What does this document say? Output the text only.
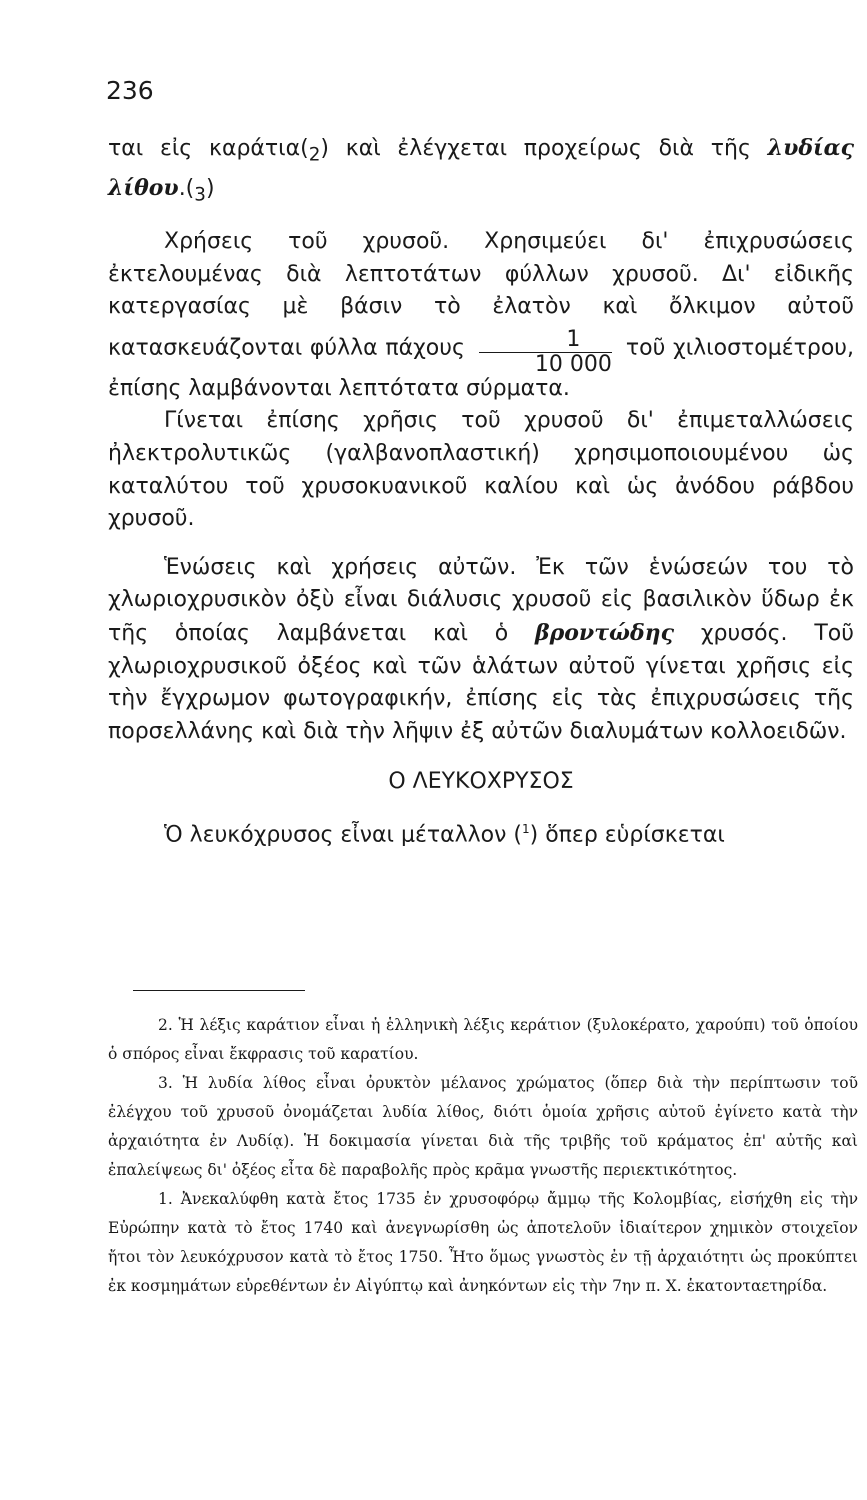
236

ται εἰς $\kappa\alpha\rho ά\tau\iota\alpha(_2)$ καὶ ἐλέγχεται προχείρως διὰ τῆς λυδίας $\lambda ί\theta o\upsilon.(_3)$

Χρήσεις τοῦ χρυσοῦ. Χρησιμεύει δι' ἐπιχρυσώσεις ἐκτελουμένας διὰ λεπτοτάτων φύλλων χρυσοῦ. Δι' εἰδικῆς κατεργασίας μὲ βάσιν τὸ ἐλατὸν καὶ ὄλκιμον αὐτοῦ κατασκευάζονται φύλλα πάχους $\frac{1}{10 000}$ τοῦ χιλιοστομέτρου, ἐπίσης λαμβάνονται λεπτότατα σύρματα.

Γίνεται ἐπίσης χρῆσις τοῦ χρυσοῦ δι' ἐπιμεταλλώσεις ἠλεκτρολυτικῶς (γαλβανοπλαστική) χρησιμοποιουμένου ὡς καταλύτου τοῦ χρυσοκυανικοῦ καλίου καὶ ὡς ἀνόδου ράβδου χρυσοῦ.

Ἑνώσεις καὶ χρήσεις αὐτῶν. Ἐκ τῶν ἑνώσεών του τὸ χλωριοχρυσικὸν ὀξὺ εἶναι διάλυσις χρυσοῦ εἰς βασιλικὸν ὕδωρ ἐκ τῆς ὁποίας λαμβάνεται καὶ ὁ βροντώδης χρυσός. Τοῦ χλωριοχρυσικοῦ ὀξέος καὶ τῶν ἁλάτων αὐτοῦ γίνεται χρῆσις εἰς τὴν ἔγχρωμον φωτογραφικήν, ἐπίσης εἰς τὰς ἐπιχρυσώσεις τῆς πορσελλάνης καὶ διὰ τὴν λῆψιν ἐξ αὐτῶν διαλυμάτων κολλοειδῶν.

Ο ΛΕΥΚΟΧΡΥΣΟΣ

Ὁ λευκόχρυσος εἶναι μέταλλον ($^1$) ὅπερ εὑρίσκεται

2. Ἡ λέξις καράτιον εἶναι ἡ ἑλληνικὴ λέξις κεράτιον (ξυλοκέρατο, χαρούπι) τοῦ ὁποίου ὁ σπόρος εἶναι ἔκφρασις τοῦ καρατίου.

3. Ἡ λυδία λίθος εἶναι ὀρυκτὸν μέλανος χρώματος (ὅπερ διὰ τὴν περίπτωσιν τοῦ ἐλέγχου τοῦ χρυσοῦ ὀνομάζεται λυδία λίθος, διότι ὁμοία χρῆσις αὐτοῦ ἐγίνετο κατὰ τὴν ἀρχαιότητα ἐν Λυδίᾳ). Ἡ δοκιμασία γίνεται διὰ τῆς τριβῆς τοῦ κράματος ἐπ' αὐτῆς καὶ ἐπαλείψεως δι' ὀξέος εἶτα δὲ παραβολῆς πρὸς κρᾶμα γνωστῆς περιεκτικότητος.

1. Ἀνεκαλύφθη κατὰ ἔτος 1735 ἐν χρυσοφόρῳ ἄμμῳ τῆς Κολομβίας, εἰσήχθη εἰς τὴν Εὐρώπην κατὰ τὸ ἔτος 1740 καὶ ἀνεγνωρίσθη ὡς ἀποτελοῦν ἰδιαίτερον χημικὸν στοιχεῖον ἤτοι τὸν λευκόχρυσον κατὰ τὸ ἔτος 1750. Ἦτο ὅμως γνωστὸς ἐν τῇ ἀρχαιότητι ὡς προκύπτει ἐκ κοσμημάτων εὑρεθέντων ἐν Αἰγύπτῳ καὶ ἀνηκόντων εἰς τὴν 7ην π. Χ. ἑκατονταετηρίδα.
